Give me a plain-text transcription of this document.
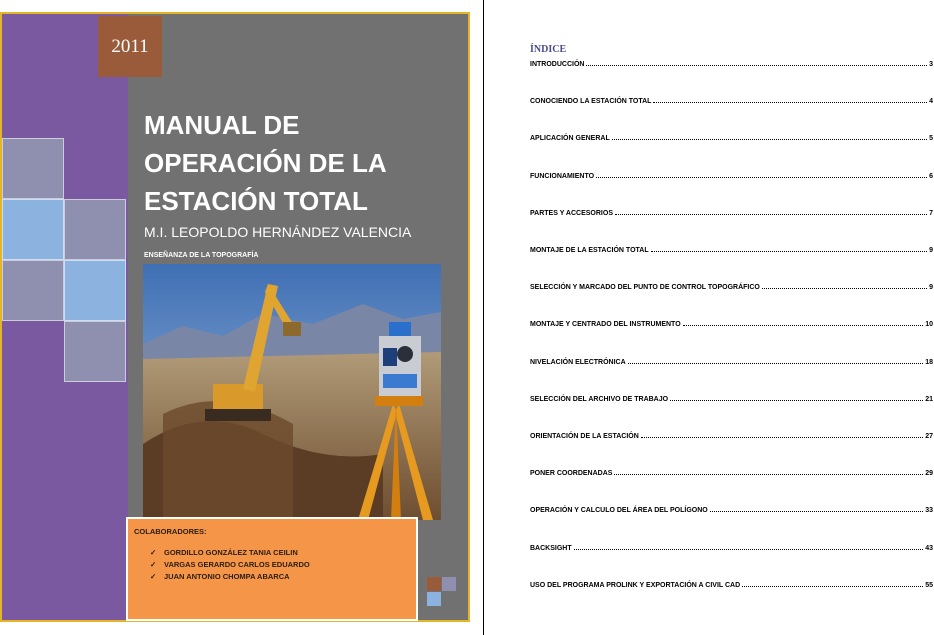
2011
MANUAL DE
OPERACIÓN DE LA
ESTACIÓN TOTAL
M.I. LEOPOLDO HERNÁNDEZ VALENCIA
ENSEÑANZA DE LA TOPOGRAFÍA
COLABORADORES:
✓ GORDILLO GONZÁLEZ TANIA CEILIN
✓ VARGAS GERARDO CARLOS EDUARDO
✓ JUAN ANTONIO CHOMPA ABARCA
ÍNDICE
INTRODUCCIÓN	3
CONOCIENDO LA ESTACIÓN TOTAL	4
APLICACIÓN GENERAL	5
FUNCIONAMIENTO	6
PARTES Y ACCESORIOS	7
MONTAJE DE LA ESTACIÓN TOTAL	9
SELECCIÓN Y MARCADO DEL PUNTO DE CONTROL TOPOGRÁFICO	9
MONTAJE Y CENTRADO DEL INSTRUMENTO	10
NIVELACIÓN ELECTRÓNICA	18
SELECCIÓN DEL ARCHIVO DE TRABAJO	21
ORIENTACIÓN DE LA ESTACIÓN	27
PONER COORDENADAS	29
OPERACIÓN Y CALCULO DEL ÁREA DEL POLÍGONO	33
BACKSIGHT	43
USO DEL PROGRAMA PROLINK Y EXPORTACIÓN A CIVIL CAD	55
